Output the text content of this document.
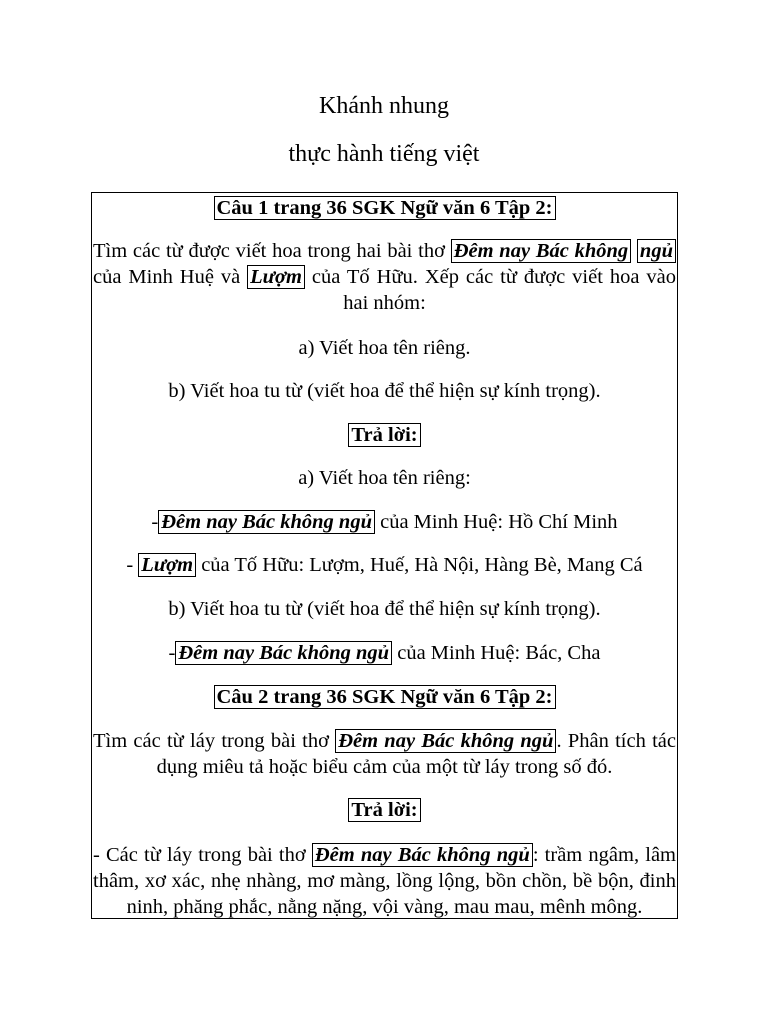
Khánh nhung
thực hành tiếng việt

Câu 1 trang 36 SGK Ngữ văn 6 Tập 2:

Tìm các từ được viết hoa trong hai bài thơ Đêm nay Bác không ngủ của Minh Huệ và Lượm của Tố Hữu. Xếp các từ được viết hoa vào hai nhóm:

a) Viết hoa tên riêng.

b) Viết hoa tu từ (viết hoa để thể hiện sự kính trọng).

Trả lời:

a) Viết hoa tên riêng:

- Đêm nay Bác không ngủ của Minh Huệ: Hồ Chí Minh

- Lượm của Tố Hữu: Lượm, Huế, Hà Nội, Hàng Bè, Mang Cá

b) Viết hoa tu từ (viết hoa để thể hiện sự kính trọng).

- Đêm nay Bác không ngủ của Minh Huệ: Bác, Cha

Câu 2 trang 36 SGK Ngữ văn 6 Tập 2:

Tìm các từ láy trong bài thơ Đêm nay Bác không ngủ . Phân tích tác dụng miêu tả hoặc biểu cảm của một từ láy trong số đó.

Trả lời:

- Các từ láy trong bài thơ Đêm nay Bác không ngủ : trầm ngâm, lâm thâm, xơ xác, nhẹ nhàng, mơ màng, lồng lộng, bồn chồn, bề bộn, đinh ninh, phăng phắc, nằng nặng, vội vàng, mau mau, mênh mông.
